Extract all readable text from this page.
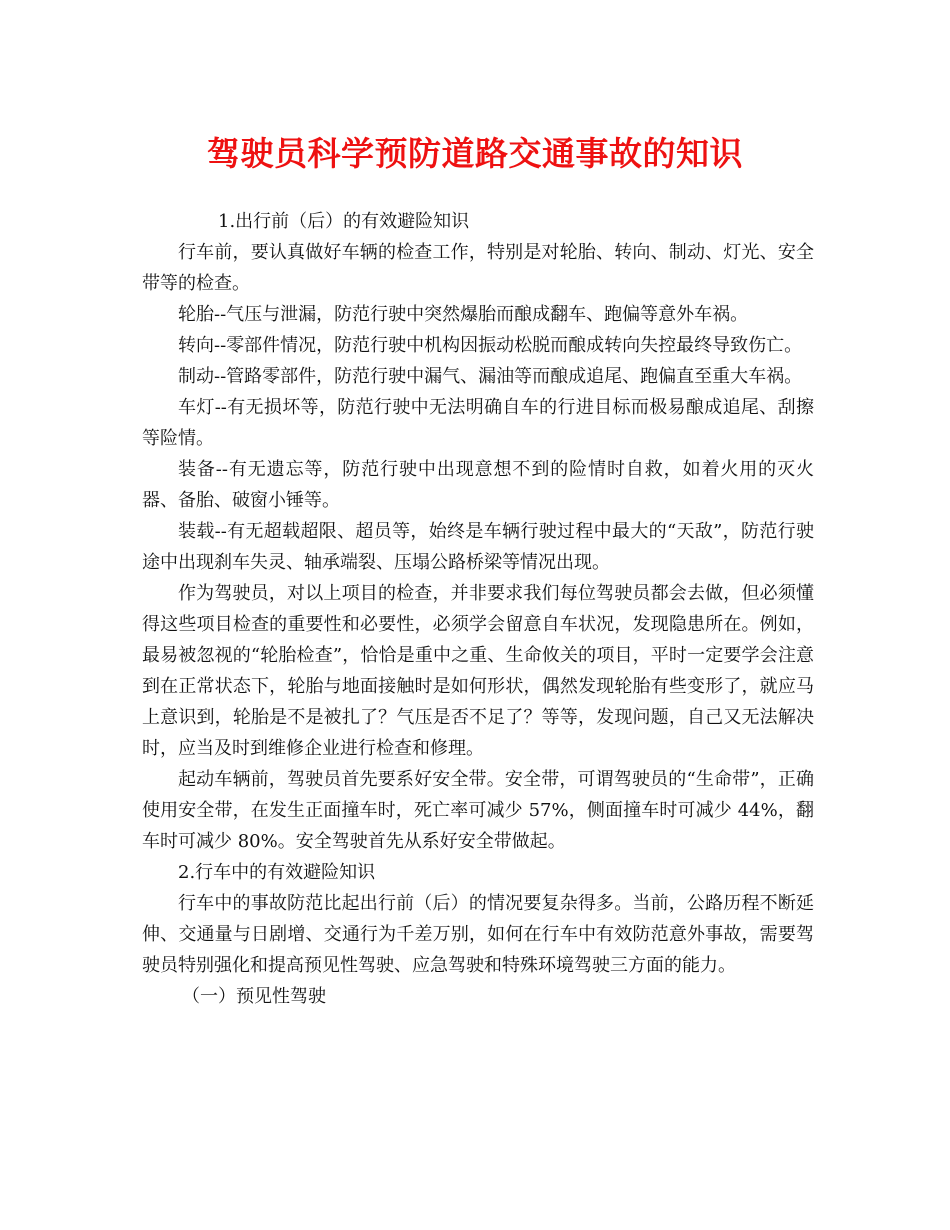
驾驶员科学预防道路交通事故的知识

1.出行前（后）的有效避险知识

行车前，要认真做好车辆的检查工作，特别是对轮胎、转向、制动、灯光、安全带等的检查。

轮胎--气压与泄漏，防范行驶中突然爆胎而酿成翻车、跑偏等意外车祸。

转向--零部件情况，防范行驶中机构因振动松脱而酿成转向失控最终导致伤亡。

制动--管路零部件，防范行驶中漏气、漏油等而酿成追尾、跑偏直至重大车祸。

车灯--有无损坏等，防范行驶中无法明确自车的行进目标而极易酿成追尾、刮擦等险情。

装备--有无遗忘等，防范行驶中出现意想不到的险情时自救，如着火用的灭火器、备胎、破窗小锤等。

装载--有无超载超限、超员等，始终是车辆行驶过程中最大的“天敌”，防范行驶途中出现刹车失灵、轴承端裂、压塌公路桥梁等情况出现。

作为驾驶员，对以上项目的检查，并非要求我们每位驾驶员都会去做，但必须懂得这些项目检查的重要性和必要性，必须学会留意自车状况，发现隐患所在。例如，最易被忽视的“轮胎检查”，恰恰是重中之重、生命攸关的项目，平时一定要学会注意到在正常状态下，轮胎与地面接触时是如何形状，偶然发现轮胎有些变形了，就应马上意识到，轮胎是不是被扎了？气压是否不足了？等等，发现问题，自己又无法解决时，应当及时到维修企业进行检查和修理。

起动车辆前，驾驶员首先要系好安全带。安全带，可谓驾驶员的“生命带”，正确使用安全带，在发生正面撞车时，死亡率可减少 57%，侧面撞车时可减少 44%，翻车时可减少 80%。安全驾驶首先从系好安全带做起。

2.行车中的有效避险知识

行车中的事故防范比起出行前（后）的情况要复杂得多。当前，公路历程不断延伸、交通量与日剧增、交通行为千差万别，如何在行车中有效防范意外事故，需要驾驶员特别强化和提高预见性驾驶、应急驾驶和特殊环境驾驶三方面的能力。

（一）预见性驾驶
